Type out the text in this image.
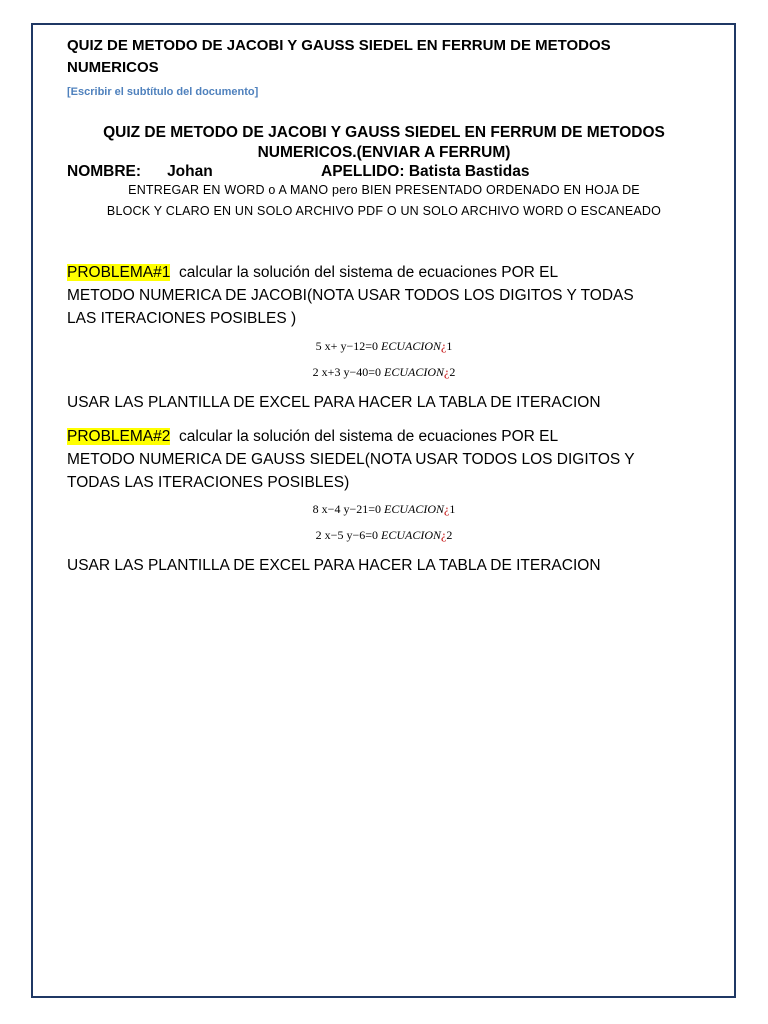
QUIZ DE METODO DE JACOBI Y GAUSS SIEDEL EN FERRUM DE METODOS
NUMERICOS
[Escribir el subtítulo del documento]
QUIZ DE METODO DE JACOBI Y GAUSS SIEDEL EN FERRUM DE METODOS
NUMERICOS.(ENVIAR A FERRUM)
NOMBRE: Johan	APELLIDO: Batista Bastidas
ENTREGAR EN WORD o A MANO pero BIEN PRESENTADO ORDENADO EN HOJA DE
BLOCK Y CLARO EN UN SOLO ARCHIVO PDF O UN SOLO ARCHIVO WORD O ESCANEADO
PROBLEMA#1 calcular la solución del sistema de ecuaciones POR EL
METODO NUMERICA DE JACOBI(NOTA USAR TODOS LOS DIGITOS Y TODAS
LAS ITERACIONES POSIBLES )
5 x+ y−12=0 ECUACION¿1
2 x+3 y−40=0 ECUACION¿2
USAR LAS PLANTILLA DE EXCEL PARA HACER LA TABLA DE ITERACION
PROBLEMA#2 calcular la solución del sistema de ecuaciones POR EL
METODO NUMERICA DE GAUSS SIEDEL(NOTA USAR TODOS LOS DIGITOS Y
TODAS LAS ITERACIONES POSIBLES)
8 x−4 y−21=0 ECUACION¿1
2 x−5 y−6=0 ECUACION¿2
USAR LAS PLANTILLA DE EXCEL PARA HACER LA TABLA DE ITERACION
